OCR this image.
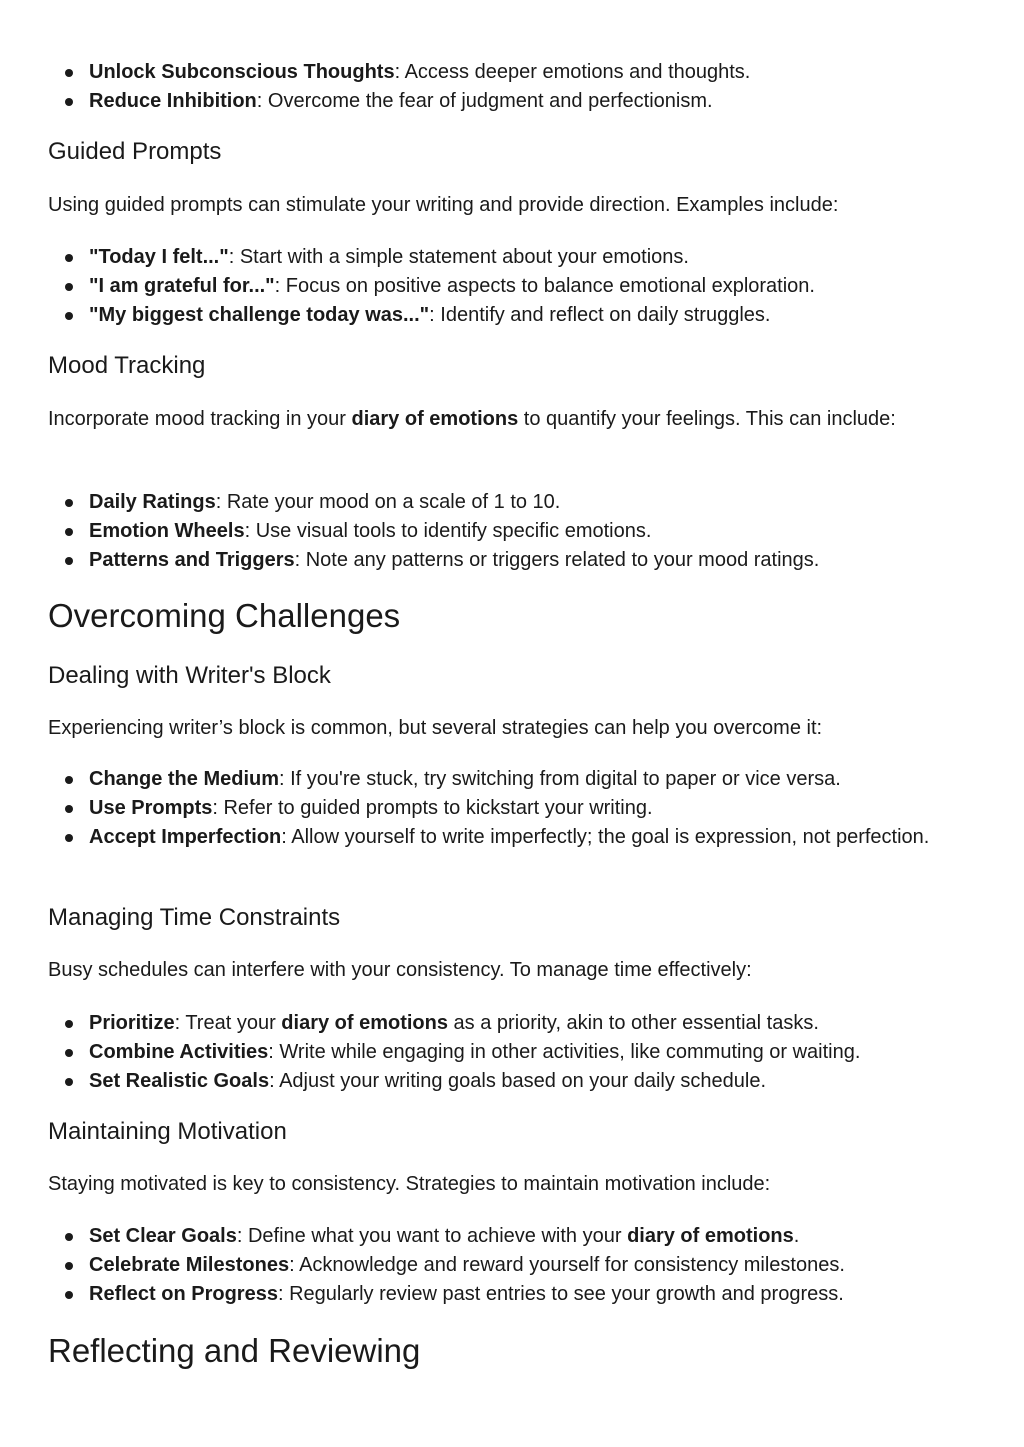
Unlock Subconscious Thoughts: Access deeper emotions and thoughts.
Reduce Inhibition: Overcome the fear of judgment and perfectionism.
Guided Prompts

Using guided prompts can stimulate your writing and provide direction. Examples include:

"Today I felt...": Start with a simple statement about your emotions.
"I am grateful for...": Focus on positive aspects to balance emotional exploration.
"My biggest challenge today was...": Identify and reflect on daily struggles.
Mood Tracking

Incorporate mood tracking in your diary of emotions to quantify your feelings. This can include:

Daily Ratings: Rate your mood on a scale of 1 to 10.
Emotion Wheels: Use visual tools to identify specific emotions.
Patterns and Triggers: Note any patterns or triggers related to your mood ratings.
Overcoming Challenges
Dealing with Writer's Block

Experiencing writer’s block is common, but several strategies can help you overcome it:

Change the Medium: If you're stuck, try switching from digital to paper or vice versa.
Use Prompts: Refer to guided prompts to kickstart your writing.
Accept Imperfection: Allow yourself to write imperfectly; the goal is expression, not perfection.
Managing Time Constraints

Busy schedules can interfere with your consistency. To manage time effectively:

Prioritize: Treat your diary of emotions as a priority, akin to other essential tasks.
Combine Activities: Write while engaging in other activities, like commuting or waiting.
Set Realistic Goals: Adjust your writing goals based on your daily schedule.
Maintaining Motivation

Staying motivated is key to consistency. Strategies to maintain motivation include:

Set Clear Goals: Define what you want to achieve with your diary of emotions.
Celebrate Milestones: Acknowledge and reward yourself for consistency milestones.
Reflect on Progress: Regularly review past entries to see your growth and progress.
Reflecting and Reviewing
